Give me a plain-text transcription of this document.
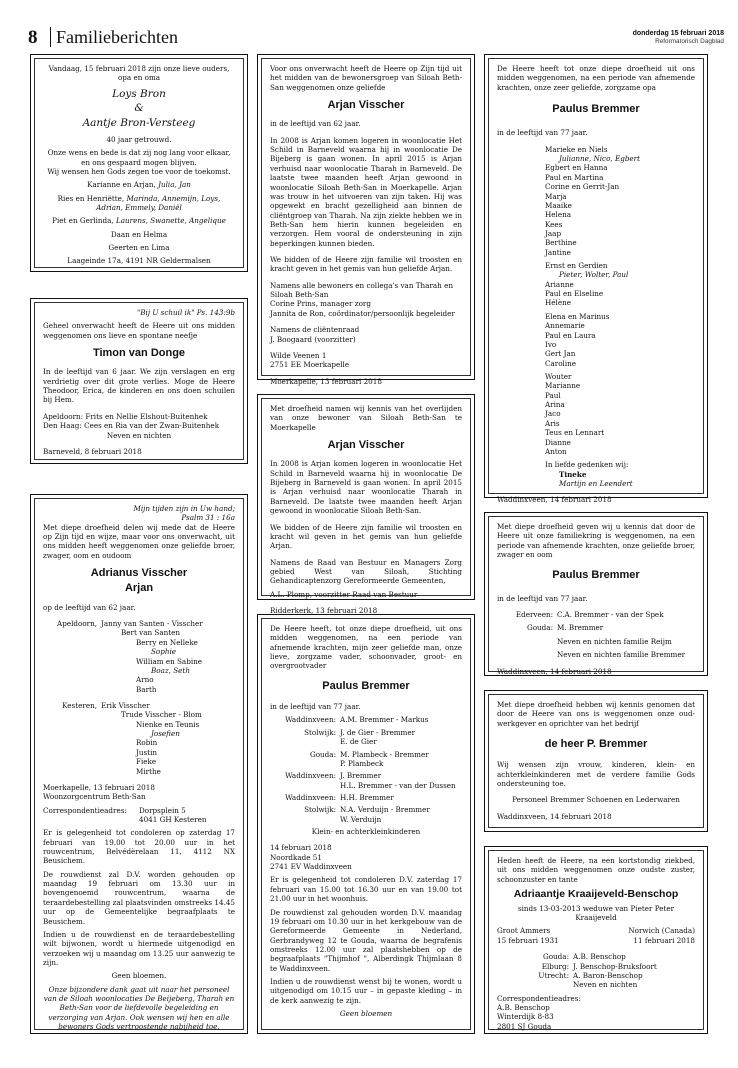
8 Familieberichten	donderdag 15 februari 2018
Reformatorisch Dagblad
Vandaag, 15 februari 2018 zijn onze lieve ouders,
opa en oma
Loys Bron
&
Aantje Bron-Versteeg
40 jaar getrouwd.
Onze wens en bede is dat zij nog lang voor elkaar,
en ons gespaard mogen blijven.
Wij wensen hen Gods zegen toe voor de toekomst.
Karianne en Arjan, Julia, Jan
Ries en Henriëtte, Marinda, Annemijn, Loys,
Adrian, Emmely, Daniël
Piet en Gerlinda, Laurens, Swanette, Angelique
Daan en Helma
Geerten en Lima
Laageinde 17a, 4191 NR Geldermalsen
"Bij U schuil ik" Ps. 143:9b
Geheel onverwacht heeft de Heere uit ons midden weggenomen ons lieve en spontane neefje
Timon van Donge
In de leeftijd van 6 jaar. We zijn verslagen en erg verdrietig over dit grote verlies. Moge de Heere Theodoor, Erica, de kinderen en ons doen schuilen bij Hem.
Apeldoorn: Frits en Nellie Elshout-Buitenhek
Den Haag: Cees en Ria van der Zwan-Buitenhek
Neven en nichten
Barneveld, 8 februari 2018
Mijn tijden zijn in Uw hand;
Psalm 31 : 16a
Met diepe droefheid delen wij mede dat de Heere op Zijn tijd en wijze, maar voor ons onverwacht, uit ons midden heeft weggenomen onze geliefde broer, zwager, oom en oudoom
Adrianus Visscher
Arjan
op de leeftijd van 62 jaar.
Apeldoorn, Janny van Santen - Visscher
Bert van Santen
Berry en Nelleke
Sophie
William en Sabine
Boaz, Seth
Arno
Barth
Kesteren, Erik Visscher
Trude Visscher - Blom
Nienke en Teunis
Josefien
Robin
Justin
Fieke
Mirthe
Moerkapelle, 13 februari 2018
Woonzorgcentrum Beth-San
Correspondentieadres:	Dorpsplein 5
4041 GH Kesteren
Er is gelegenheid tot condoleren op zaterdag 17 februari van 19.00 tot 20.00 uur in het rouwcentrum, Belvédèrelaan 11, 4112 NX Beusichem.
De rouwdienst zal D.V. worden gehouden op maandag 19 februari om 13.30 uur in bovengenoemd rouwcentrum, waarna de teraardebestelling zal plaatsvinden omstreeks 14.45 uur op de Gemeentelijke begraafplaats te Beusichem.
Indien u de rouwdienst en de teraardebestelling wilt bijwonen, wordt u hiermede uitgenodigd en verzoeken wij u maandag om 13.25 uur aanwezig te zijn.
Geen bloemen.
Onze bijzondere dank gaat uit naar het personeel van de Siloah woonlocaties De Beijeberg, Tharah en Beth-San voor de liefdevolle begeleiding en verzorging van Arjan. Ook wensen wij hen en alle bewoners Gods vertroostende nabijheid toe.
Voor ons onverwacht heeft de Heere op Zijn tijd uit het midden van de bewonersgroep van Siloah Beth-San weggenomen onze geliefde
Arjan Visscher
in de leeftijd van 62 jaar.
In 2008 is Arjan komen logeren in woonlocatie Het Schild in Barneveld waarna hij in woonlocatie De Bijeberg is gaan wonen. In april 2015 is Arjan verhuisd naar woonlocatie Tharah in Barneveld. De laatste twee maanden heeft Arjan gewoond in woonlocatie Siloah Beth-San in Moerkapelle. Arjan was trouw in het uitvoeren van zijn taken. Hij was opgewekt en bracht gezelligheid aan binnen de cliëntgroep van Tharah. Na zijn ziekte hebben we in Beth-San hem hierin kunnen begeleiden en verzorgen. Hem vooral de ondersteuning in zijn beperkingen kunnen bieden.
We bidden of de Heere zijn familie wil troosten en kracht geven in het gemis van hun geliefde Arjan.
Namens alle bewoners en collega's van Tharah en Siloah Beth-San
Corine Prins, manager zorg
Jannita de Ron, coördinator/persoonlijk begeleider
Namens de cliëntenraad
J. Boogaard (voorzitter)
Wilde Veenen 1
2751 EE Moerkapelle
Moerkapelle, 13 februari 2018
Met droefheid namen wij kennis van het overlijden van onze bewoner van Siloah Beth-San te Moerkapelle
Arjan Visscher
In 2008 is Arjan komen logeren in woonlocatie Het Schild in Barneveld waarna hij in woonlocatie De Bijeberg in Barneveld is gaan wonen. In april 2015 is Arjan verhuisd naar woonlocatie Tharah in Barneveld. De laatste twee maanden heeft Arjan gewoond in woonlocatie Siloah Beth-San.
We bidden of de Heere zijn familie wil troosten en kracht wil geven in het gemis van hun geliefde Arjan.
Namens de Raad van Bestuur en Managers Zorg gebied West van Siloah, Stichting Gehandicaptenzorg Gereformeerde Gemeenten,
A.L. Plomp, voorzitter Raad van Bestuur
Ridderkerk, 13 februari 2018
De Heere heeft, tot onze diepe droefheid, uit ons midden weggenomen, na een periode van afnemende krachten, mijn zeer geliefde man, onze lieve, zorgzame vader, schoonvader, groot- en overgrootvader
Paulus Bremmer
in de leeftijd van 77 jaar.
Waddinxveen: A.M. Bremmer - Markus
Stolwijk: J. de Gier - Bremmer
E. de Gier
Gouda: M. Plambeck - Bremmer
P. Plambeck
Waddinxveen: J. Bremmer
H.L. Bremmer - van der Dussen
Waddinxveen: H.H. Bremmer
Stolwijk: N.A. Verduijn - Bremmer
W. Verduijn
Klein- en achterkleinkinderen
14 februari 2018
Noordkade 51
2741 EV Waddinxveen
Er is gelegenheid tot condoleren D.V. zaterdag 17 februari van 15.00 tot 16.30 uur en van 19.00 tot 21.00 uur in het woonhuis.
De rouwdienst zal gehouden worden D.V. maandag 19 februari om 10.30 uur in het kerkgebouw van de Gereformeerde Gemeente in Nederland, Gerbrandyweg 12 te Gouda, waarna de begrafenis omstreeks 12.00 uur zal plaatshebben op de begraafplaats "Thijmhof ", Alberdingk Thijmlaan 8 te Waddinxveen.
Indien u de rouwdienst wenst bij te wonen, wordt u uitgenodigd om 10.15 uur – in gepaste kleding – in de kerk aanwezig te zijn.
Geen bloemen
De Heere heeft tot onze diepe droefheid uit ons midden weggenomen, na een periode van afnemende krachten, onze zeer geliefde, zorgzame opa
Paulus Bremmer
in de leeftijd van 77 jaar.
Marieke en Niels
Julianne, Nico, Egbert
Egbert en Hanna
Paul en Martina
Corine en Gerrit-Jan
Marja
Maaike
Helena
Kees
Jaap
Berthine
Jantine
Ernst en Gerdien
Pieter, Wolter, Paul
Arianne
Paul en Elseline
Hélène
Elena en Marinus
Annemarie
Paul en Laura
Ivo
Gert Jan
Caroline
Wouter
Marianne
Paul
Arina
Jaco
Aris
Teus en Lennart
Dianne
Anton
In liefde gedenken wij:
Tineke
Martijn en Leendert
Waddinxveen, 14 februari 2018
Met diepe droefheid geven wij u kennis dat door de Heere uit onze familiekring is weggenomen, na een periode van afnemende krachten, onze geliefde broer, zwager en oom
Paulus Bremmer
in de leeftijd van 77 jaar.
Ederveen: C.A. Bremmer - van der Spek
Gouda: M. Bremmer
Neven en nichten familie Reijm
Neven en nichten familie Bremmer
Waddinxveen, 14 februari 2018
Met diepe droefheid hebben wij kennis genomen dat door de Heere van ons is weggenomen onze oud-werkgever en oprichter van het bedrijf
de heer P. Bremmer
Wij wensen zijn vrouw, kinderen, klein- en achterkleinkinderen met de verdere familie Gods ondersteuning toe.
Personeel Bremmer Schoenen en Lederwaren
Waddinxveen, 14 februari 2018
Heden heeft de Heere, na een kortstondig ziekbed, uit ons midden weggenomen onze oudste zuster, schoonzuster en tante
Adriaantje Kraaijeveld-Benschop
sinds 13-03-2013 weduwe van Pieter Peter Kraaijeveld
Groot Ammers
15 februari 1931
Norwich (Canada)
11 februari 2018
Gouda: A.B. Benschop
Elburg: J. Benschop-Bruksfoort
Utrecht: A. Baron-Benschop
Neven en nichten
Correspondentieadres:
A.B. Benschop
Winterdijk 8-83
2801 SJ Gouda
